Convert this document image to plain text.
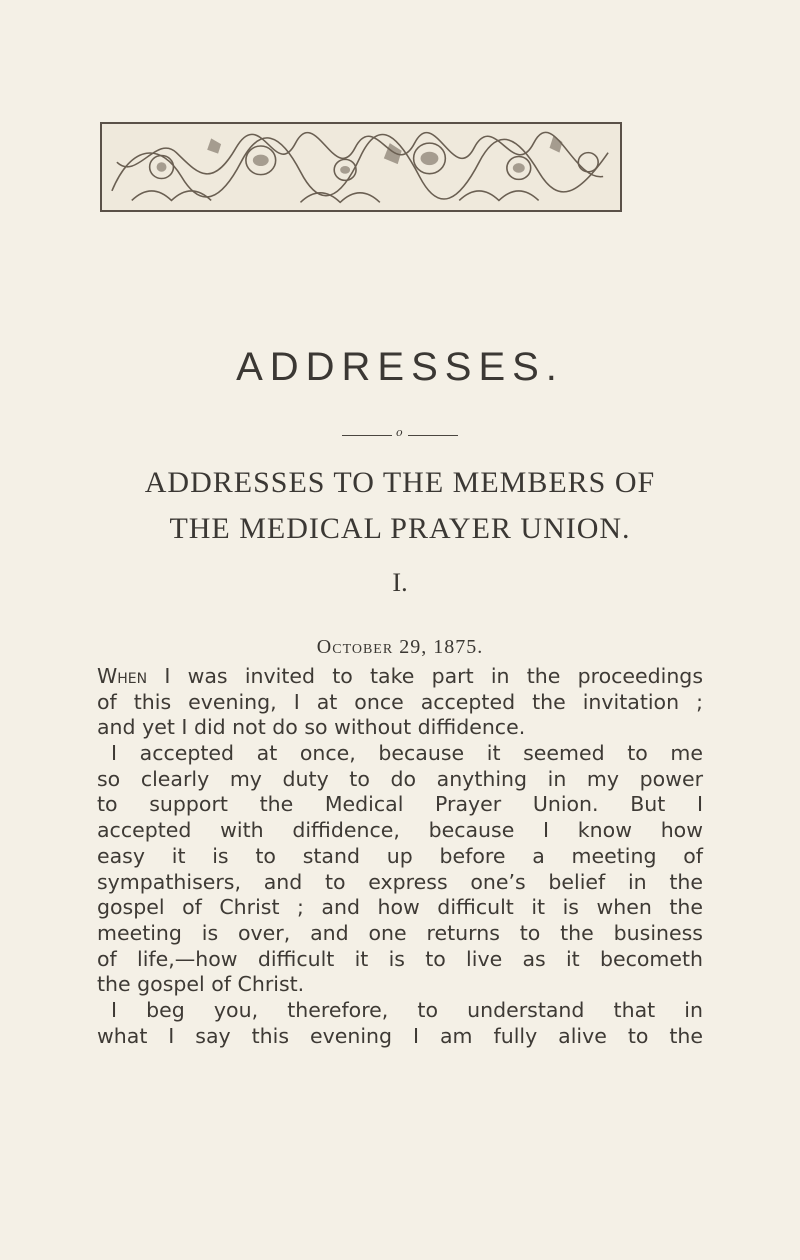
ADDRESSES.
o
ADDRESSES TO THE MEMBERS OF
THE MEDICAL PRAYER UNION.
I.
October 29, 1875.
When I was invited to take part in the proceedings
of this evening, I at once accepted the invitation ;
and yet I did not do so without diffidence.
I accepted at once, because it seemed to me
so clearly my duty to do anything in my power
to support the Medical Prayer Union. But I
accepted with diffidence, because I know how
easy it is to stand up before a meeting of
sympathisers, and to express one’s belief in the
gospel of Christ ; and how difficult it is when the
meeting is over, and one returns to the business
of life,—how difficult it is to live as it becometh
the gospel of Christ.
I beg you, therefore, to understand that in
what I say this evening I am fully alive to the
